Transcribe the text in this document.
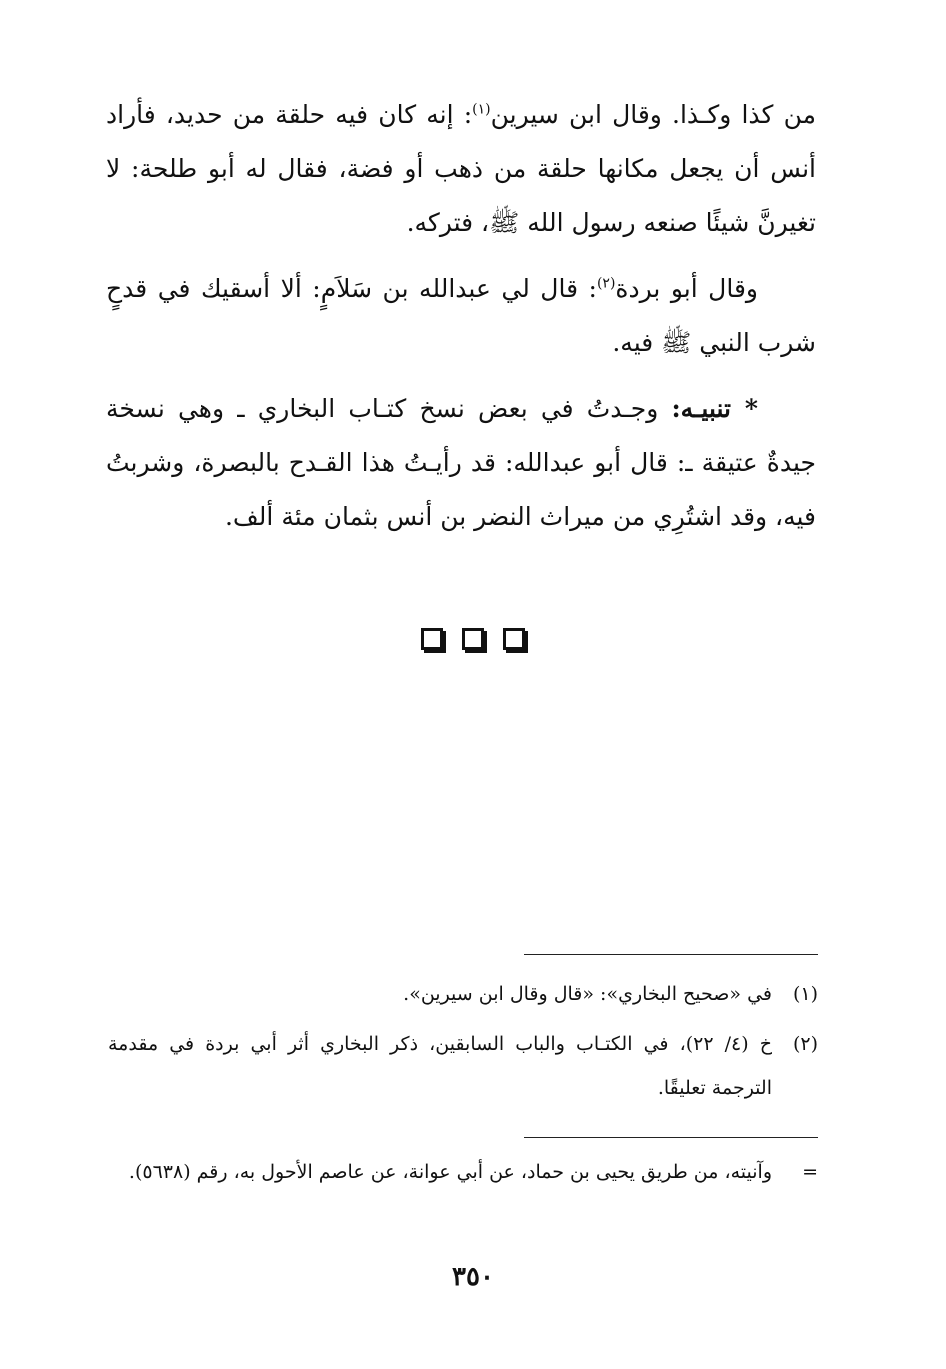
من كذا وكـذا. وقال ابن سيرين$^{(١)}$: إنه كان فيه حلقة من حديد، فأراد أنس أن يجعل مكانها حلقة من ذهب أو فضة، فقال له أبو طلحة: لا تغيرنَّ شيئًا صنعه رسول الله ﷺ، فتركه.

وقال أبو بردة$^{(٢)}$: قال لي عبدالله بن سَلاَمٍ: ألا أسقيك في قدحٍ شرب النبي ﷺ فيه.

* تنبيـه: وجـدتُ في بعض نسخ كتـاب البخاري ـ وهي نسخة جيدةٌ عتيقة ـ: قال أبو عبدالله: قد رأيـتُ هذا القـدح بالبصرة، وشربتُ فيه، وقد اشتُرِي من ميراث النضر بن أنس بثمان مئة ألف.

(١)
في «صحيح البخاري»: «قال وقال ابن سيرين».
(٢)
خ (٤/ ٢٢)، في الكتـاب والباب السابقين، ذكر البخاري أثر أبي بردة في مقدمة الترجمة تعليقًا.
=
وآنيته، من طريق يحيى بن حماد، عن أبي عوانة، عن عاصم الأحول به، رقم (٥٦٣٨).
٣٥٠
